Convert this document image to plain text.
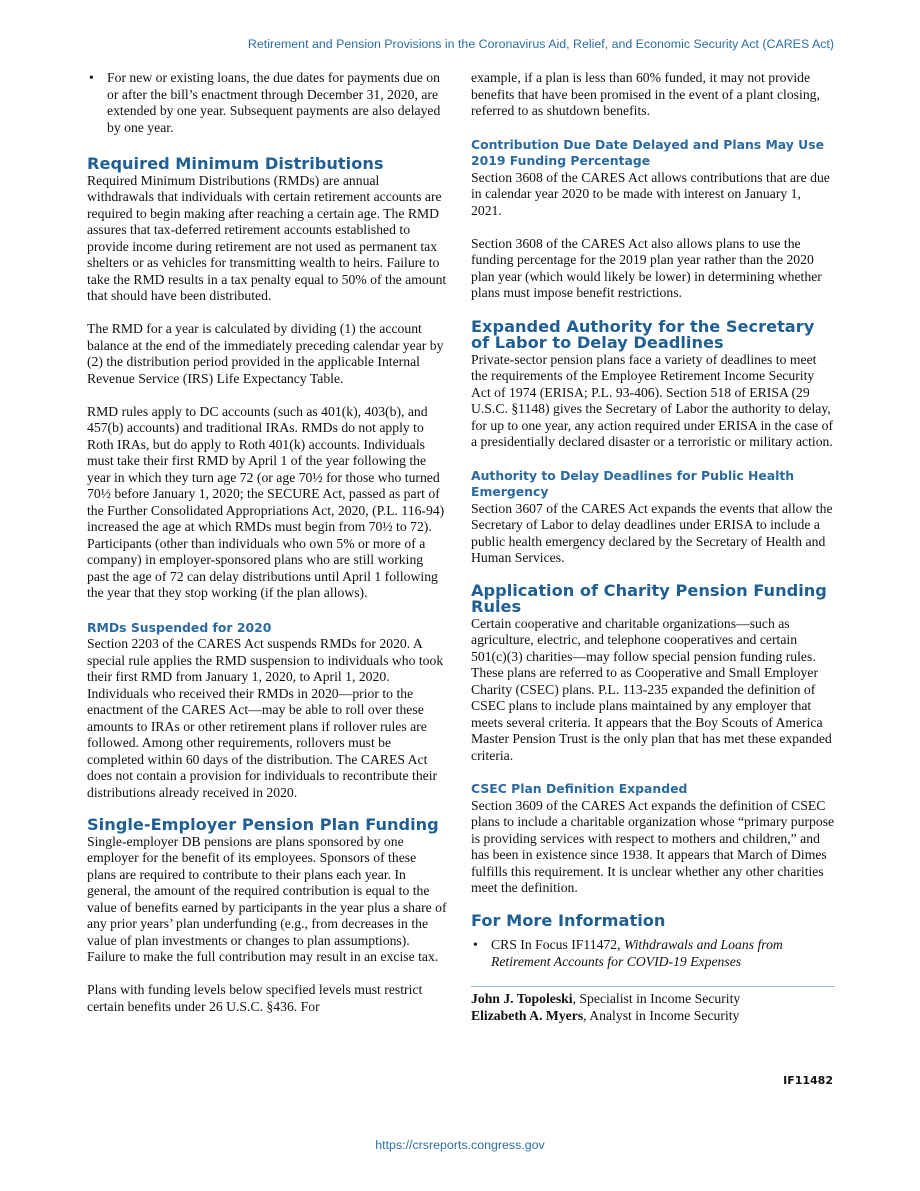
Retirement and Pension Provisions in the Coronavirus Aid, Relief, and Economic Security Act (CARES Act)
• For new or existing loans, the due dates for payments due on or after the bill’s enactment through December 31, 2020, are extended by one year. Subsequent payments are also delayed by one year.
Required Minimum Distributions

Required Minimum Distributions (RMDs) are annual withdrawals that individuals with certain retirement accounts are required to begin making after reaching a certain age. The RMD assures that tax-deferred retirement accounts established to provide income during retirement are not used as permanent tax shelters or as vehicles for transmitting wealth to heirs. Failure to take the RMD results in a tax penalty equal to 50% of the amount that should have been distributed.

The RMD for a year is calculated by dividing (1) the account balance at the end of the immediately preceding calendar year by (2) the distribution period provided in the applicable Internal Revenue Service (IRS) Life Expectancy Table.

RMD rules apply to DC accounts (such as 401(k), 403(b), and 457(b) accounts) and traditional IRAs. RMDs do not apply to Roth IRAs, but do apply to Roth 401(k) accounts. Individuals must take their first RMD by April 1 of the year following the year in which they turn age 72 (or age 70½ for those who turned 70½ before January 1, 2020; the SECURE Act, passed as part of the Further Consolidated Appropriations Act, 2020, (P.L. 116-94) increased the age at which RMDs must begin from 70½ to 72). Participants (other than individuals who own 5% or more of a company) in employer-sponsored plans who are still working past the age of 72 can delay distributions until April 1 following the year that they stop working (if the plan allows).

RMDs Suspended for 2020

Section 2203 of the CARES Act suspends RMDs for 2020. A special rule applies the RMD suspension to individuals who took their first RMD from January 1, 2020, to April 1, 2020. Individuals who received their RMDs in 2020—prior to the enactment of the CARES Act—may be able to roll over these amounts to IRAs or other retirement plans if rollover rules are followed. Among other requirements, rollovers must be completed within 60 days of the distribution. The CARES Act does not contain a provision for individuals to recontribute their distributions already received in 2020.

Single-Employer Pension Plan Funding

Single-employer DB pensions are plans sponsored by one employer for the benefit of its employees. Sponsors of these plans are required to contribute to their plans each year. In general, the amount of the required contribution is equal to the value of benefits earned by participants in the year plus a share of any prior years’ plan underfunding (e.g., from decreases in the value of plan investments or changes to plan assumptions). Failure to make the full contribution may result in an excise tax.

Plans with funding levels below specified levels must restrict certain benefits under 26 U.S.C. §436. For

example, if a plan is less than 60% funded, it may not provide benefits that have been promised in the event of a plant closing, referred to as shutdown benefits.

Contribution Due Date Delayed and Plans May Use 2019 Funding Percentage

Section 3608 of the CARES Act allows contributions that are due in calendar year 2020 to be made with interest on January 1, 2021.

Section 3608 of the CARES Act also allows plans to use the funding percentage for the 2019 plan year rather than the 2020 plan year (which would likely be lower) in determining whether plans must impose benefit restrictions.

Expanded Authority for the Secretary of Labor to Delay Deadlines

Private-sector pension plans face a variety of deadlines to meet the requirements of the Employee Retirement Income Security Act of 1974 (ERISA; P.L. 93-406). Section 518 of ERISA (29 U.S.C. §1148) gives the Secretary of Labor the authority to delay, for up to one year, any action required under ERISA in the case of a presidentially declared disaster or a terroristic or military action.

Authority to Delay Deadlines for Public Health Emergency

Section 3607 of the CARES Act expands the events that allow the Secretary of Labor to delay deadlines under ERISA to include a public health emergency declared by the Secretary of Health and Human Services.

Application of Charity Pension Funding Rules

Certain cooperative and charitable organizations—such as agriculture, electric, and telephone cooperatives and certain 501(c)(3) charities—may follow special pension funding rules. These plans are referred to as Cooperative and Small Employer Charity (CSEC) plans. P.L. 113-235 expanded the definition of CSEC plans to include plans maintained by any employer that meets several criteria. It appears that the Boy Scouts of America Master Pension Trust is the only plan that has met these expanded criteria.

CSEC Plan Definition Expanded

Section 3609 of the CARES Act expands the definition of CSEC plans to include a charitable organization whose “primary purpose is providing services with respect to mothers and children,” and has been in existence since 1938. It appears that March of Dimes fulfills this requirement. It is unclear whether any other charities meet the definition.

For More Information
• CRS In Focus IF11472, Withdrawals and Loans from Retirement Accounts for COVID-19 Expenses

John J. Topoleski, Specialist in Income Security

Elizabeth A. Myers, Analyst in Income Security

IF11482
https://crsreports.congress.gov
